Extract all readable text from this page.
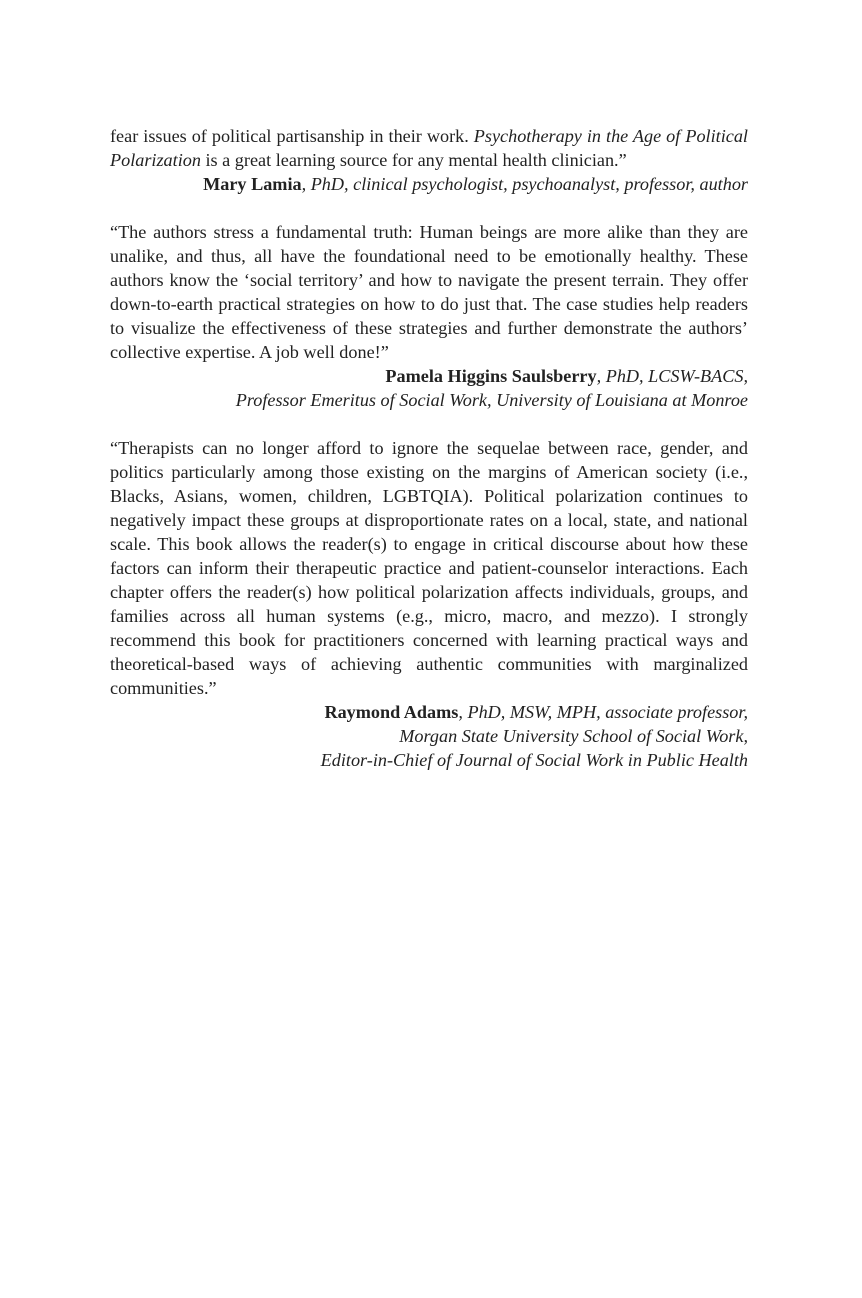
fear issues of political partisanship in their work. Psychotherapy in the Age of Political Polarization is a great learning source for any mental health clinician.”

Mary Lamia, PhD, clinical psychologist, psychoanalyst, professor, author

“The authors stress a fundamental truth: Human beings are more alike than they are unalike, and thus, all have the foundational need to be emotionally healthy. These authors know the ‘social territory’ and how to navigate the present terrain. They offer down-to-earth practical strategies on how to do just that. The case studies help readers to visualize the effectiveness of these strategies and further demonstrate the authors’ collective expertise. A job well done!”

Pamela Higgins Saulsberry, PhD, LCSW-BACS,
Professor Emeritus of Social Work, University of Louisiana at Monroe

“Therapists can no longer afford to ignore the sequelae between race, gender, and politics particularly among those existing on the margins of American society (i.e., Blacks, Asians, women, children, LGBTQIA). Political polarization continues to negatively impact these groups at disproportionate rates on a local, state, and national scale. This book allows the reader(s) to engage in critical discourse about how these factors can inform their therapeutic practice and patient-counselor interactions. Each chapter offers the reader(s) how political polarization affects individuals, groups, and families across all human systems (e.g., micro, macro, and mezzo). I strongly recommend this book for practitioners concerned with learning practical ways and theoretical-based ways of achieving authentic communities with marginalized communities.”

Raymond Adams, PhD, MSW, MPH, associate professor,
Morgan State University School of Social Work,
Editor-in-Chief of Journal of Social Work in Public Health
